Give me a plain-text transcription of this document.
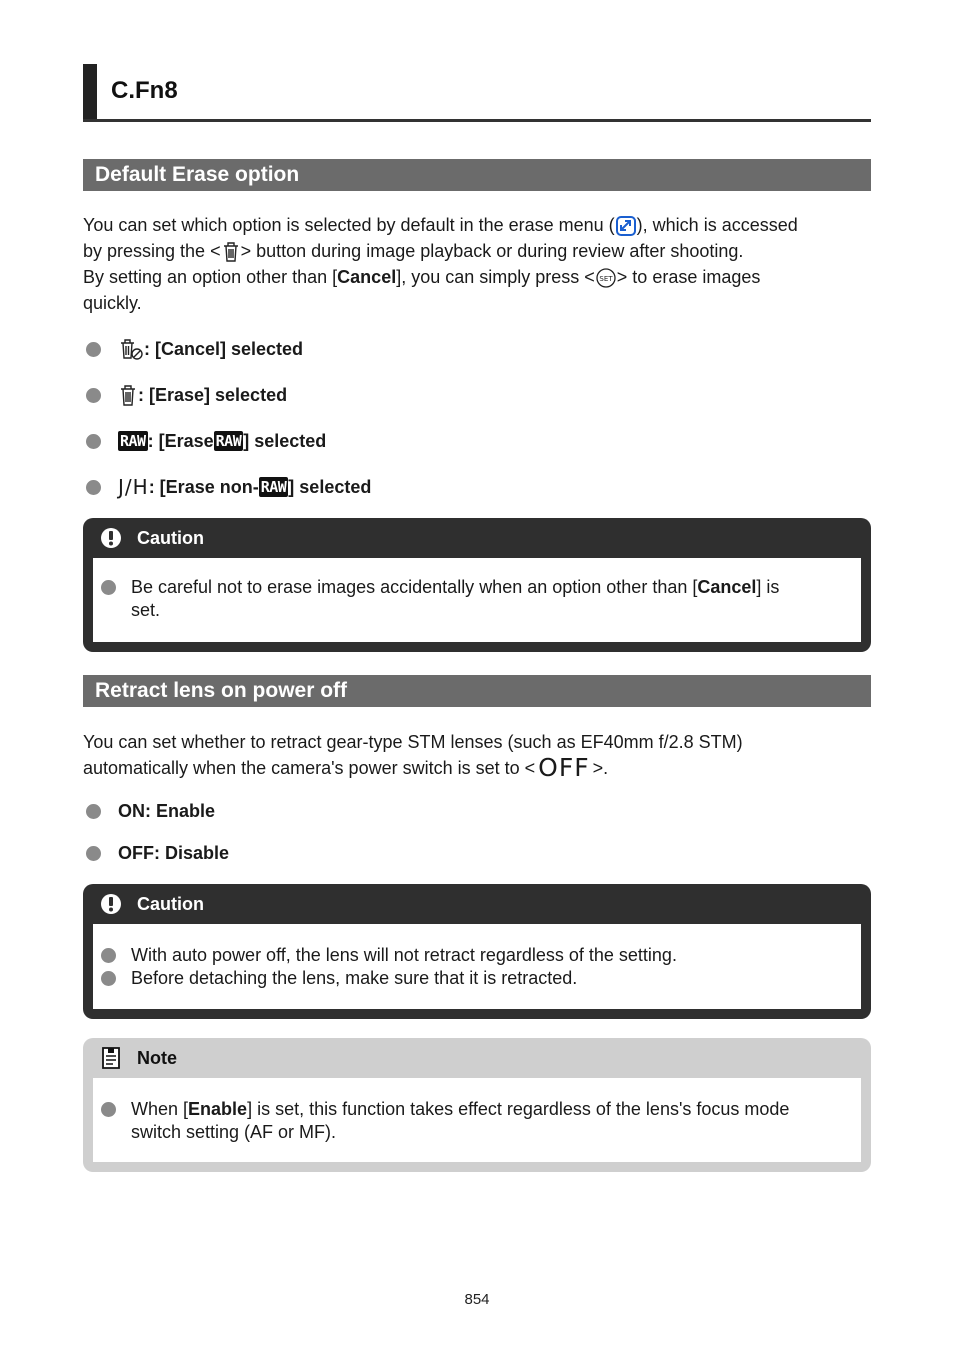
C.Fn8
Default Erase option
You can set which option is selected by default in the erase menu ( ), which is accessed
by pressing the < > button during image playback or during review after shooting.
By setting an option other than [Cancel], you can simply press < SET > to erase images
quickly.
: [Cancel] selected
: [Erase] selected
RAW : [Erase RAW ] selected
J/H : [Erase non- RAW ] selected
Caution
Be careful not to erase images accidentally when an option other than [Cancel] is
set.
Retract lens on power off
You can set whether to retract gear-type STM lenses (such as EF40mm f/2.8 STM)
automatically when the camera's power switch is set to < OFF >.
ON: Enable
OFF: Disable
Caution
With auto power off, the lens will not retract regardless of the setting.
Before detaching the lens, make sure that it is retracted.
Note
When [Enable] is set, this function takes effect regardless of the lens's focus mode
switch setting (AF or MF).
854
